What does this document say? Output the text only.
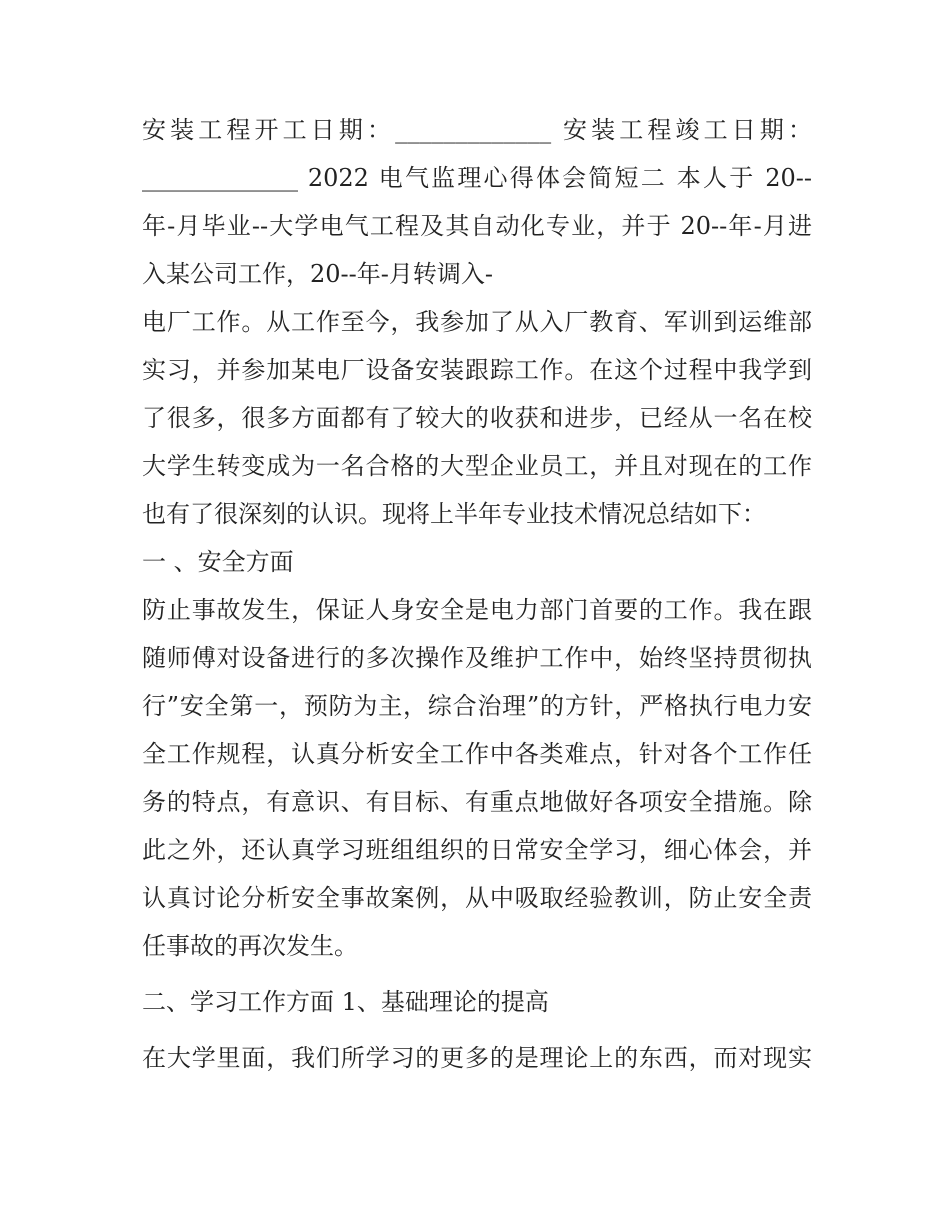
安装工程开工日期：_____________ 安装工程竣工日期：
_____________ 2022 电气监理心得体会简短二 本人于 20--
年-月毕业--大学电气工程及其自动化专业，并于 20--年-月进
入某公司工作，20--年-月转调入-
电厂工作。从工作至今，我参加了从入厂教育、军训到运维部
实习，并参加某电厂设备安装跟踪工作。在这个过程中我学到
了很多，很多方面都有了较大的收获和进步，已经从一名在校
大学生转变成为一名合格的大型企业员工，并且对现在的工作
也有了很深刻的认识。现将上半年专业技术情况总结如下：
一 、安全方面
防止事故发生，保证人身安全是电力部门首要的工作。我在跟
随师傅对设备进行的多次操作及维护工作中，始终坚持贯彻执
行”安全第一，预防为主，综合治理”的方针，严格执行电力安
全工作规程，认真分析安全工作中各类难点，针对各个工作任
务的特点，有意识、有目标、有重点地做好各项安全措施。除
此之外，还认真学习班组组织的日常安全学习，细心体会，并
认真讨论分析安全事故案例，从中吸取经验教训，防止安全责
任事故的再次发生。
二、学习工作方面 1、基础理论的提高
在大学里面，我们所学习的更多的是理论上的东西，而对现实
